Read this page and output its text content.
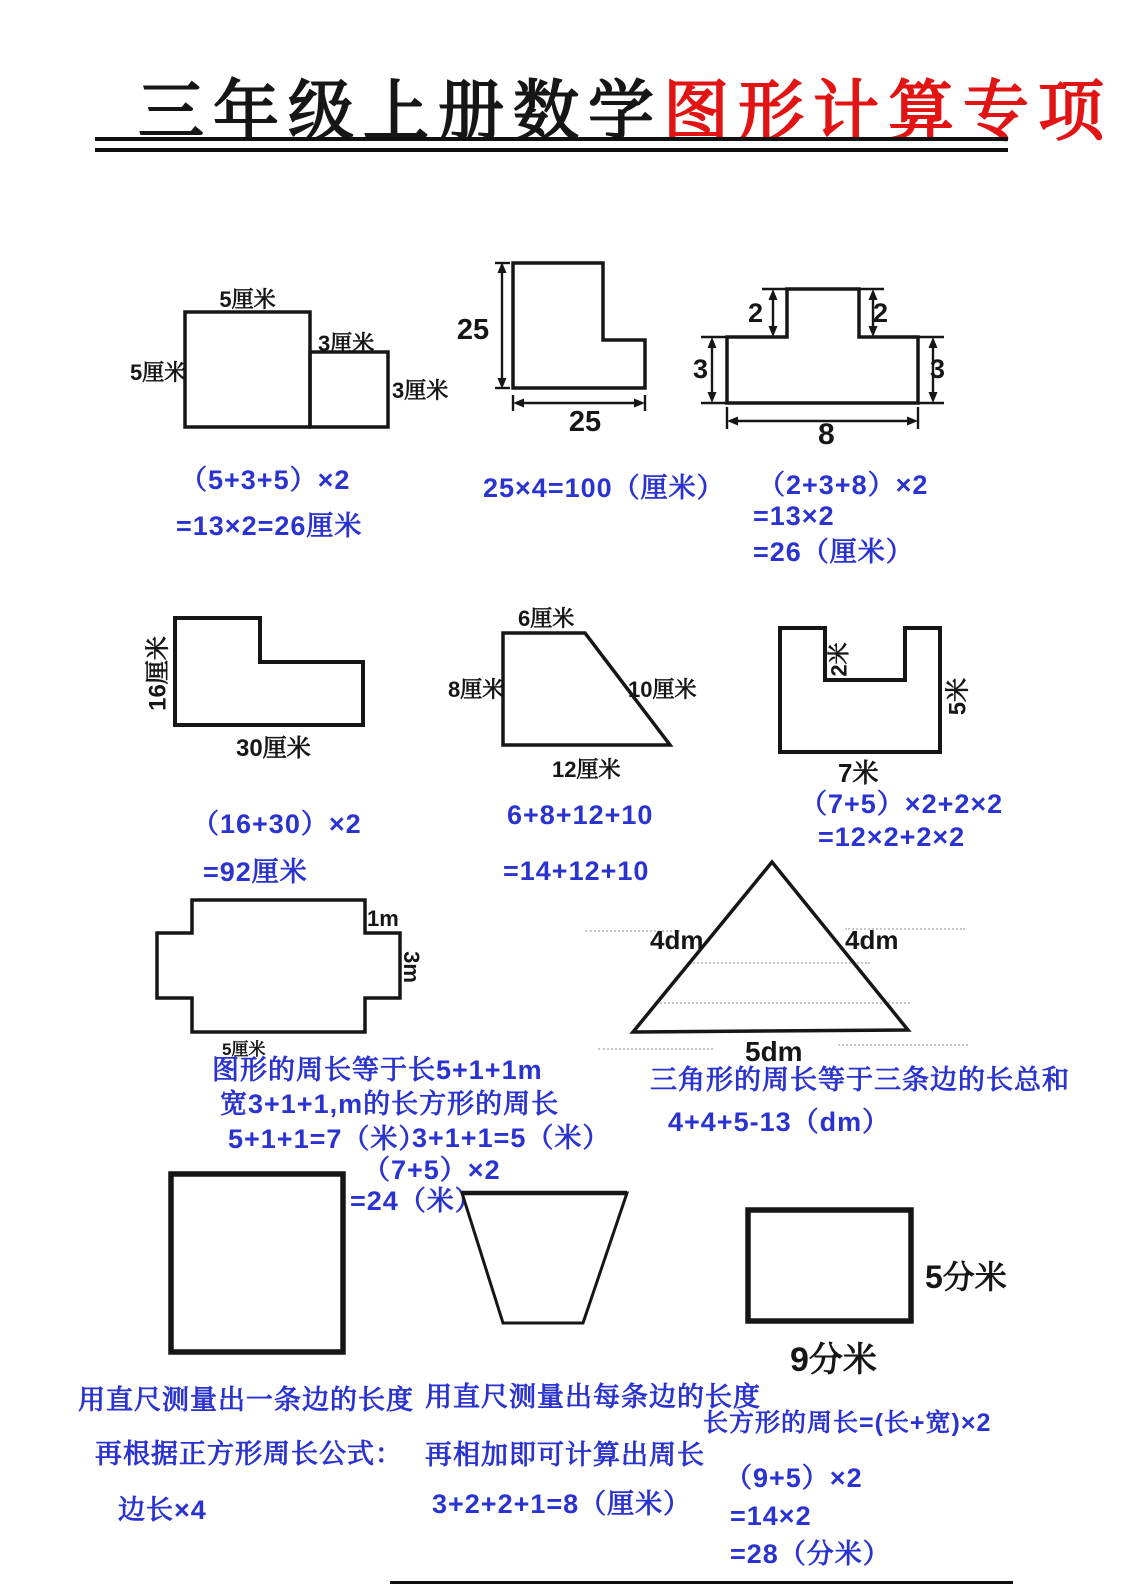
三年级上册数学图形计算专项
5厘米
5厘米
3厘米
3厘米
（5+3+5）×2
=13×2=26厘米
25
25
25×4=100（厘米）
2	2
3	3
8
（2+3+8）×2
=13×2
=26（厘米）
16厘米
30厘米
（16+30）×2
=92厘米
6厘米
8厘米	10厘米
12厘米
6+8+12+10
=14+12+10
2米
5米
7米
（7+5）×2+2×2
=12×2+2×2
1m
3m
5厘米
图形的周长等于长5+1+1m
宽3+1+1,m的长方形的周长
5+1+1=7（米）
3+1+1=5（米）
（7+5）×2
=24（米）
4dm	4dm
5dm
三角形的周长等于三条边的长总和
4+4+5-13（dm）
用直尺测量出一条边的长度
再根据正方形周长公式：
边长×4
用直尺测量出每条边的长度
再相加即可计算出周长
3+2+2+1=8（厘米）
5分米
9分米
长方形的周长=(长+宽)×2
（9+5）×2
=14×2
=28（分米）
